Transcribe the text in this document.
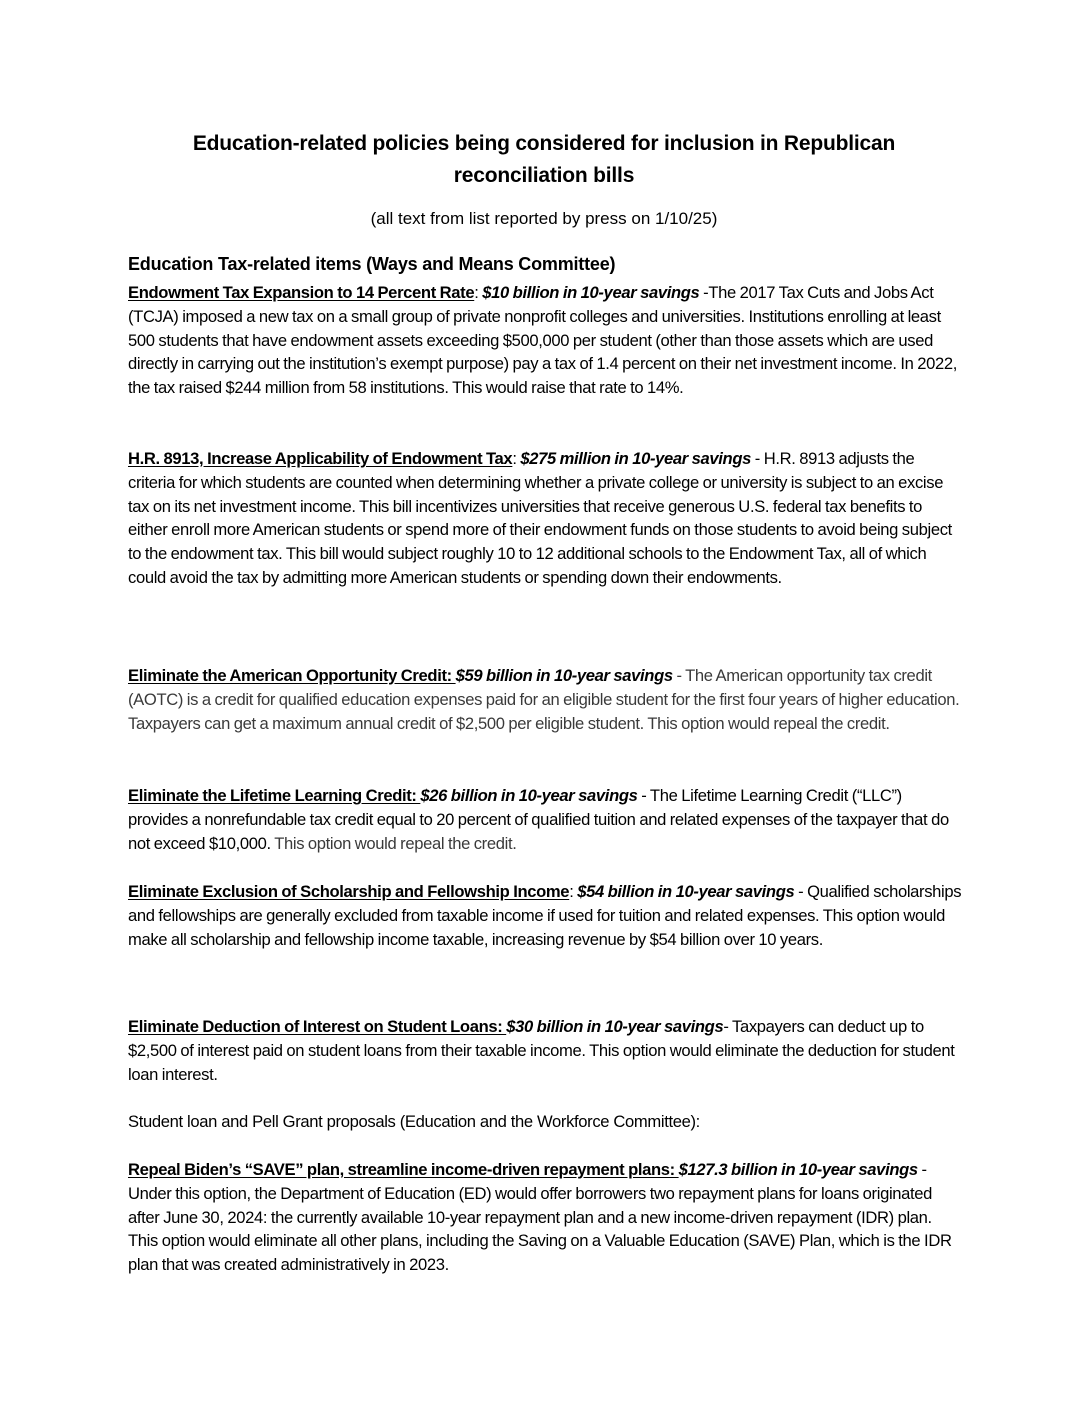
Education-related policies being considered for inclusion in Republican reconciliation bills
(all text from list reported by press on 1/10/25)
Education Tax-related items (Ways and Means Committee)

Endowment Tax Expansion to 14 Percent Rate: $10 billion in 10-year savings -The 2017 Tax Cuts and Jobs Act (TCJA) imposed a new tax on a small group of private nonprofit colleges and universities. Institutions enrolling at least 500 students that have endowment assets exceeding $500,000 per student (other than those assets which are used directly in carrying out the institution’s exempt purpose) pay a tax of 1.4 percent on their net investment income. In 2022, the tax raised $244 million from 58 institutions. This would raise that rate to 14%.

H.R. 8913, Increase Applicability of Endowment Tax: $275 million in 10-year savings - H.R. 8913 adjusts the criteria for which students are counted when determining whether a private college or university is subject to an excise tax on its net investment income. This bill incentivizes universities that receive generous U.S. federal tax benefits to either enroll more American students or spend more of their endowment funds on those students to avoid being subject to the endowment tax. This bill would subject roughly 10 to 12 additional schools to the Endowment Tax, all of which could avoid the tax by admitting more American students or spending down their endowments.

Eliminate the American Opportunity Credit: $59 billion in 10-year savings - The American opportunity tax credit (AOTC) is a credit for qualified education expenses paid for an eligible student for the first four years of higher education. Taxpayers can get a maximum annual credit of $2,500 per eligible student. This option would repeal the credit.

Eliminate the Lifetime Learning Credit: $26 billion in 10-year savings - The Lifetime Learning Credit (“LLC”) provides a nonrefundable tax credit equal to 20 percent of qualified tuition and related expenses of the taxpayer that do not exceed $10,000. This option would repeal the credit.

Eliminate Exclusion of Scholarship and Fellowship Income: $54 billion in 10-year savings - Qualified scholarships and fellowships are generally excluded from taxable income if used for tuition and related expenses. This option would make all scholarship and fellowship income taxable, increasing revenue by $54 billion over 10 years.

Eliminate Deduction of Interest on Student Loans: $30 billion in 10-year savings- Taxpayers can deduct up to $2,500 of interest paid on student loans from their taxable income. This option would eliminate the deduction for student loan interest.

Student loan and Pell Grant proposals (Education and the Workforce Committee):

Repeal Biden’s “SAVE” plan, streamline income-driven repayment plans: $127.3 billion in 10-year savings - Under this option, the Department of Education (ED) would offer borrowers two repayment plans for loans originated after June 30, 2024: the currently available 10-year repayment plan and a new income-driven repayment (IDR) plan. This option would eliminate all other plans, including the Saving on a Valuable Education (SAVE) Plan, which is the IDR plan that was created administratively in 2023.
